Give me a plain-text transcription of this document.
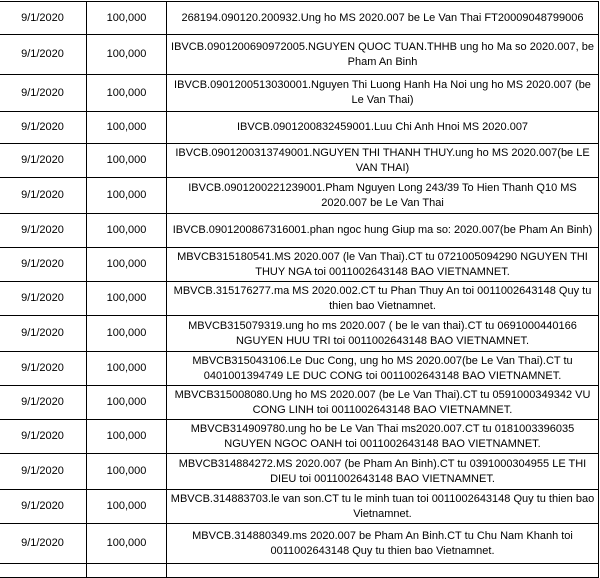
9/1/2020	100,000	268194.090120.200932.Ung ho MS 2020.007 be Le Van Thai FT20009048799006
9/1/2020	100,000	IBVCB.0901200690972005.NGUYEN QUOC TUAN.THHB ung ho Ma so 2020.007, be Pham An Binh
9/1/2020	100,000	IBVCB.0901200513030001.Nguyen Thi Luong Hanh Ha Noi ung ho MS 2020.007 (be Le Van Thai)
9/1/2020	100,000	IBVCB.0901200832459001.Luu Chi Anh Hnoi MS 2020.007
9/1/2020	100,000	IBVCB.0901200313749001.NGUYEN THI THANH THUY.ung ho MS 2020.007(be LE VAN THAI)
9/1/2020	100,000	IBVCB.0901200221239001.Pham Nguyen Long 243/39 To Hien Thanh Q10 MS 2020.007 be Le Van Thai
9/1/2020	100,000	IBVCB.0901200867316001.phan ngoc hung Giup ma so: 2020.007(be Pham An Binh)
9/1/2020	100,000	MBVCB315180541.MS 2020.007 (le Van Thai).CT tu 0721005094290 NGUYEN THI THUY NGA toi 0011002643148 BAO VIETNAMNET.
9/1/2020	100,000	MBVCB.315176277.ma MS 2020.002.CT tu Phan Thuy An toi 0011002643148 Quy tu thien bao Vietnamnet.
9/1/2020	100,000	MBVCB315079319.ung ho ms 2020.007 ( be le van thai).CT tu 0691000440166 NGUYEN HUU TRI toi 0011002643148 BAO VIETNAMNET.
9/1/2020	100,000	MBVCB315043106.Le Duc Cong, ung ho MS 2020.007(be Le Van Thai).CT tu 0401001394749 LE DUC CONG toi 0011002643148 BAO VIETNAMNET.
9/1/2020	100,000	MBVCB315008080.Ung ho MS 2020.007 (be Le Van Thai).CT tu 0591000349342 VU CONG LINH toi 0011002643148 BAO VIETNAMNET.
9/1/2020	100,000	MBVCB314909780.ung ho be Le Van Thai ms2020.007.CT tu 0181003396035 NGUYEN NGOC OANH toi 0011002643148 BAO VIETNAMNET.
9/1/2020	100,000	MBVCB314884272.MS 2020.007 (be Pham An Binh).CT tu 0391000304955 LE THI DIEU toi 0011002643148 BAO VIETNAMNET.
9/1/2020	100,000	MBVCB.314883703.le van son.CT tu le minh tuan toi 0011002643148 Quy tu thien bao Vietnamnet.
9/1/2020	100,000	MBVCB.314880349.ms 2020.007 be Pham An Binh.CT tu Chu Nam Khanh toi 0011002643148 Quy tu thien bao Vietnamnet.
